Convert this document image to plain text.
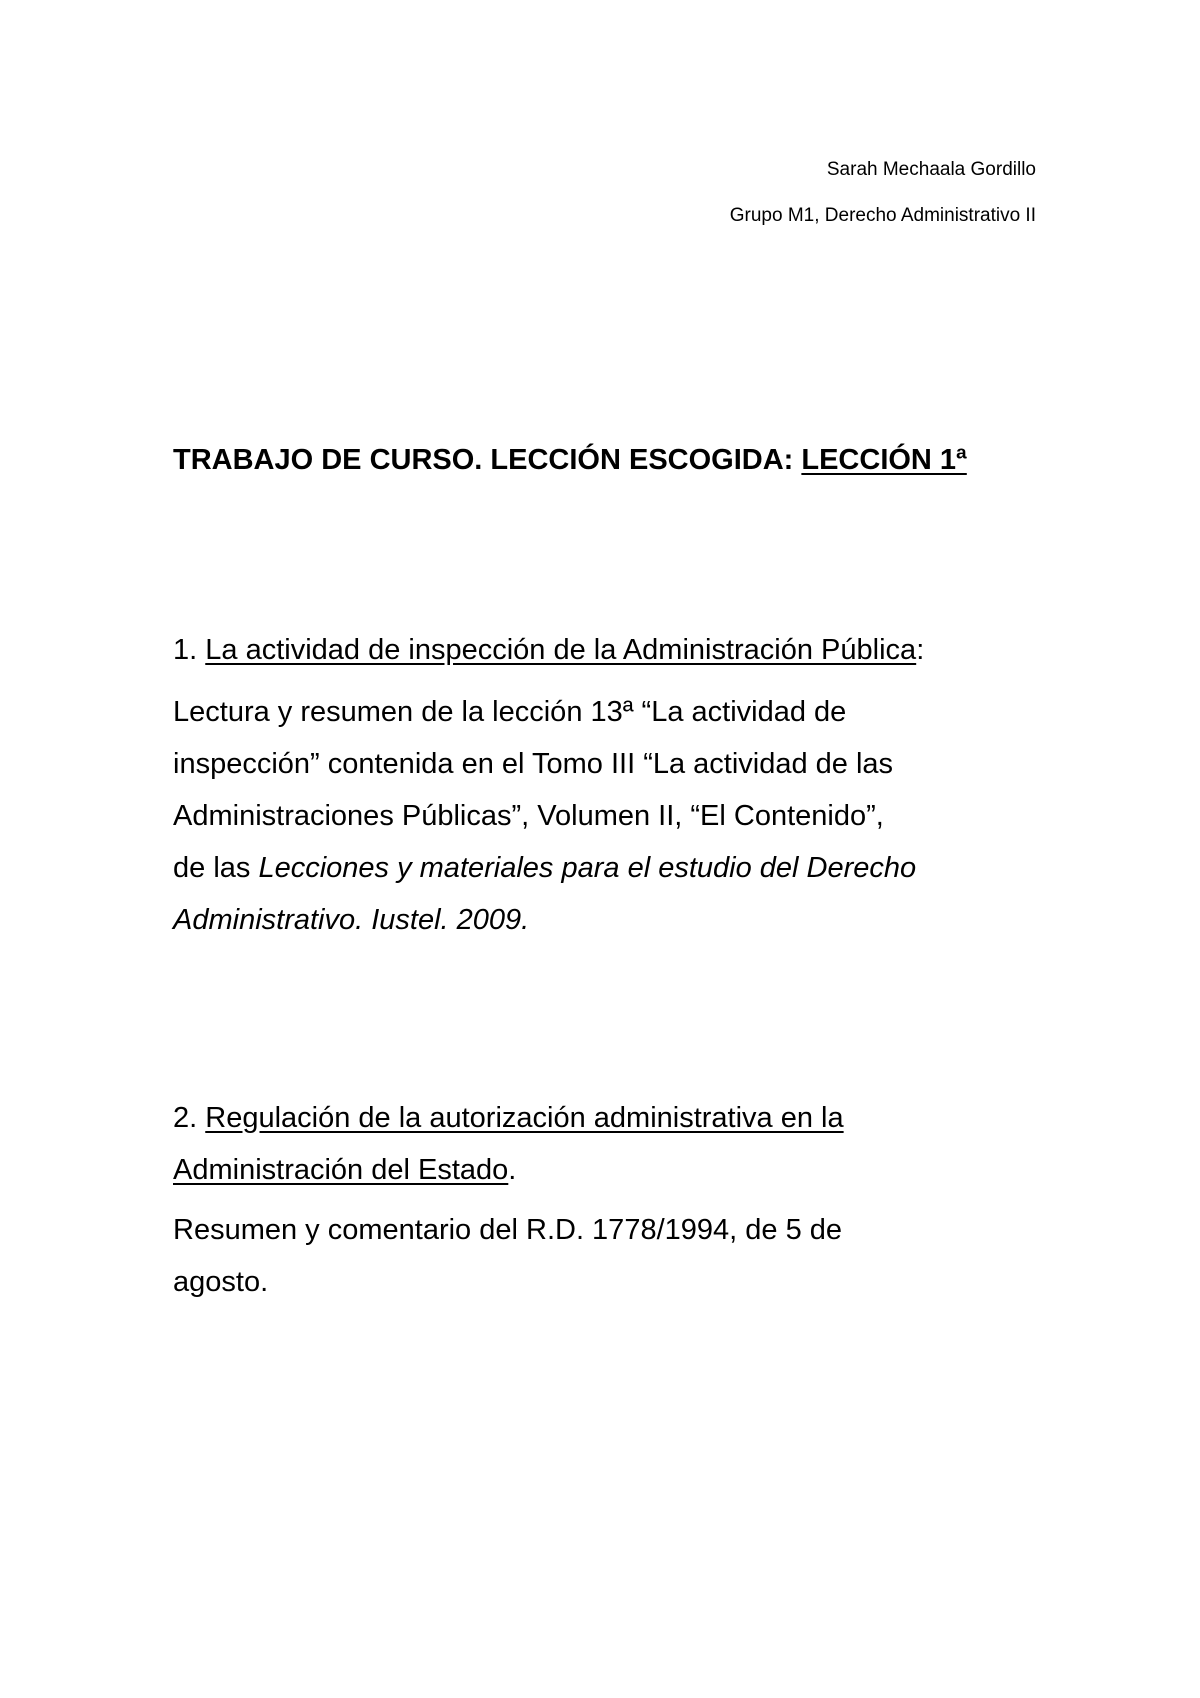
Sarah Mechaala Gordillo
Grupo M1, Derecho Administrativo II
TRABAJO DE CURSO. LECCIÓN ESCOGIDA: LECCIÓN 1ª

1. La actividad de inspección de la Administración Pública:

Lectura y resumen de la lección 13ª “La actividad de
inspección” contenida en el Tomo III “La actividad de las
Administraciones Públicas”, Volumen II, “El Contenido”,
de las Lecciones y materiales para el estudio del Derecho
Administrativo. Iustel. 2009.

2. Regulación de la autorización administrativa en la
Administración del Estado.

Resumen y comentario del R.D. 1778/1994, de 5 de
agosto.
